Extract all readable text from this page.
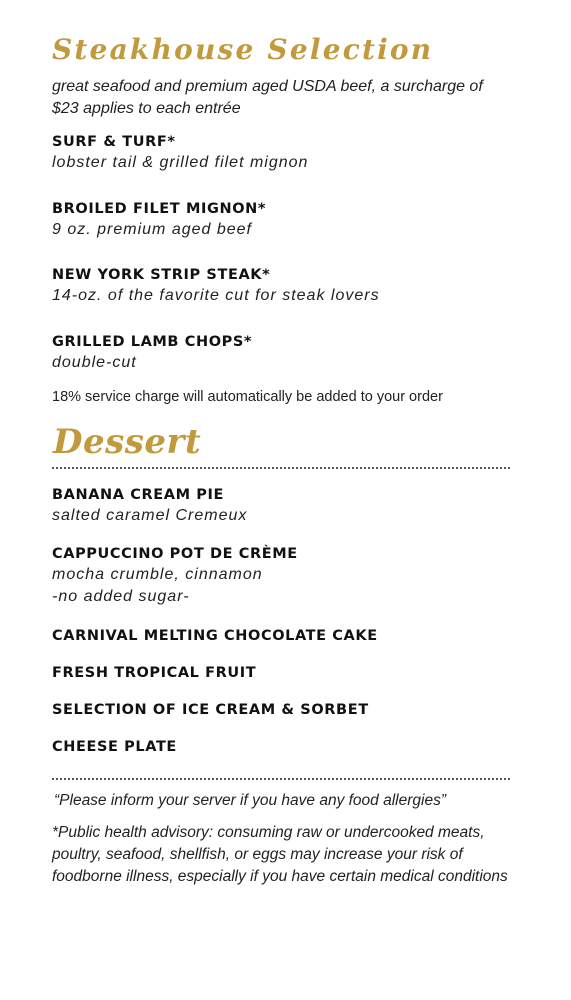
Steakhouse Selection
great seafood and premium aged USDA beef, a surcharge of $23 applies to each entrée
SURF & TURF*
lobster tail & grilled filet mignon
BROILED FILET MIGNON*
9 oz. premium aged beef
NEW YORK STRIP STEAK*
14-oz. of the favorite cut for steak lovers
GRILLED LAMB CHOPS*
double-cut
18% service charge will automatically be added to your order
Dessert
BANANA CREAM PIE
salted caramel Cremeux
CAPPUCCINO POT DE CRÈME
mocha crumble, cinnamon
-no added sugar-
CARNIVAL MELTING CHOCOLATE CAKE
FRESH TROPICAL FRUIT
SELECTION OF ICE CREAM & SORBET
CHEESE PLATE
“Please inform your server if you have any food allergies”
*Public health advisory: consuming raw or undercooked meats, poultry, seafood, shellfish, or eggs may increase your risk of foodborne illness, especially if you have certain medical conditions
